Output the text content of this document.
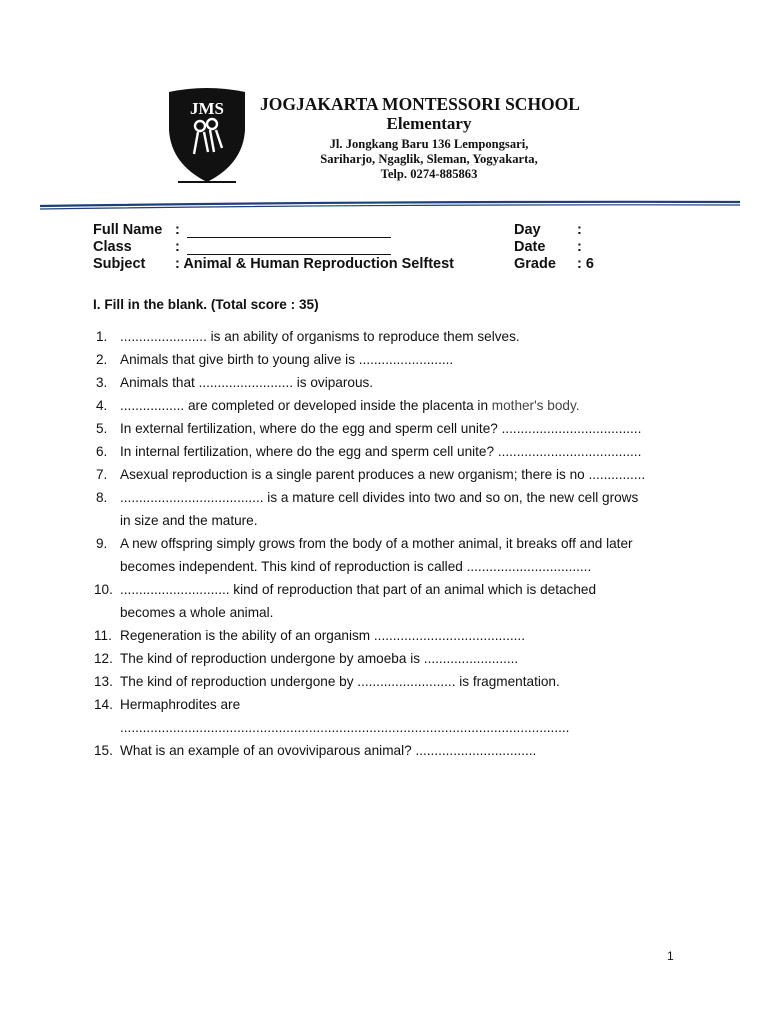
JMS JOGJAKARTA MONTESSORI SCHOOL
Elementary
Jl. Jongkang Baru 136 Lempongsari,
Sariharjo, Ngaglik, Sleman, Yogyakarta,
Telp. 0274-885863
Full Name :	Day	:
Class	:	Date :
Subject : Animal & Human Reproduction Selftest	Grade : 6
I. Fill in the blank. (Total score : 35)
1. ....................... is an ability of organisms to reproduce them selves.
2. Animals that give birth to young alive is .........................
3. Animals that ......................... is oviparous.
4. ................. are completed or developed inside the placenta in mother's body.
5. In external fertilization, where do the egg and sperm cell unite? .....................................
6. In internal fertilization, where do the egg and sperm cell unite? ......................................
7. Asexual reproduction is a single parent produces a new organism; there is no ...............
8. ...................................... is a mature cell divides into two and so on, the new cell grows
in size and the mature.
9. A new offspring simply grows from the body of a mother animal, it breaks off and later
becomes independent. This kind of reproduction is called .................................
10. ............................. kind of reproduction that part of an animal which is detached
becomes a whole animal.
11. Regeneration is the ability of an organism ........................................
12. The kind of reproduction undergone by amoeba is .........................
13. The kind of reproduction undergone by .......................... is fragmentation.
14. Hermaphrodites are
.......................................................................................................................
15. What is an example of an ovoviviparous animal? ................................
1
